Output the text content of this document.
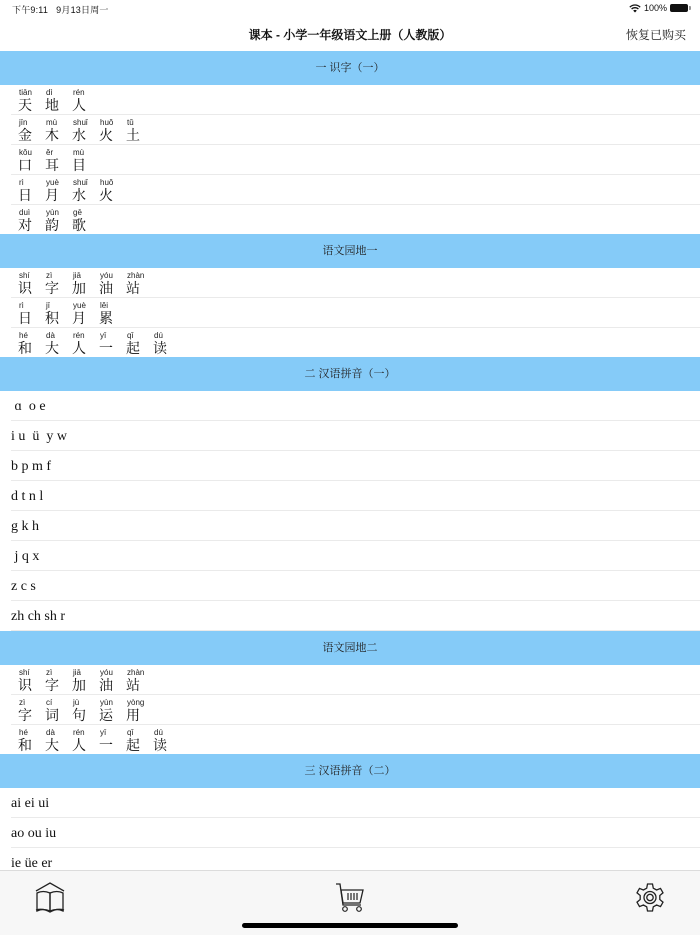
下午9:11 9月13日周一	100%
课本 - 小学一年级语文上册（人教版）	恢复已购买
一 识字（一）
tiān
天
dì
地
rén
人
jīn
金
mù
木
shuǐ
水
huǒ
火
tǔ
土
kǒu
口
ěr
耳
mù
目
rì
日
yuè
月
shuǐ
水
huǒ
火
duì
对
yùn
韵
gē
歌
语文园地一
shí
识
zì
字
jiā
加
yóu
油
zhàn
站
rì
日
jī
积
yuè
月
lěi
累
hé
和
dà
大
rén
人
yī
一
qǐ
起
dú
读
二 汉语拼音（一）
ɑ  o e
i u  ü  y w
b p m f
d t n l
g k h
j q x
z c s
zh ch sh r
语文园地二
shí
识
zì
字
jiā
加
yóu
油
zhàn
站
zì
字
cí
词
jù
句
yùn
运
yòng
用
hé
和
dà
大
rén
人
yī
一
qǐ
起
dú
读
三 汉语拼音（二）
ai ei ui
ao ou iu
ie üe er
